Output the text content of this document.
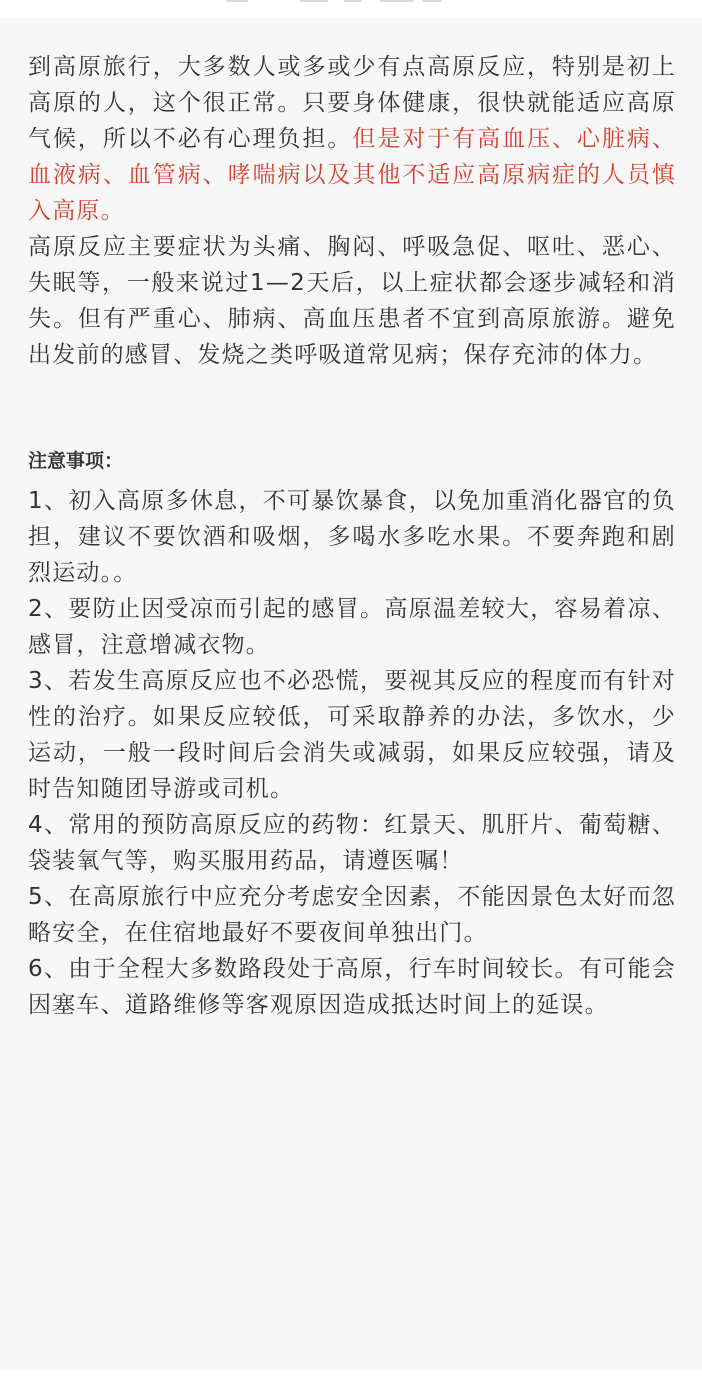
到高原旅行，大多数人或多或少有点高原反应，特别是初上高原的人，这个很正常。只要身体健康，很快就能适应高原气候，所以不必有心理负担。但是对于有高血压、心脏病、血液病、血管病、哮喘病以及其他不适应高原病症的人员慎入高原。

高原反应主要症状为头痛、胸闷、呼吸急促、呕吐、恶心、失眠等，一般来说过1—2天后，以上症状都会逐步减轻和消失。但有严重心、肺病、高血压患者不宜到高原旅游。避免出发前的感冒、发烧之类呼吸道常见病；保存充沛的体力。

注意事项：

1、初入高原多休息，不可暴饮暴食，以免加重消化器官的负担，建议不要饮酒和吸烟，多喝水多吃水果。不要奔跑和剧烈运动。。

2、要防止因受凉而引起的感冒。高原温差较大，容易着凉、感冒，注意增减衣物。

3、若发生高原反应也不必恐慌，要视其反应的程度而有针对性的治疗。如果反应较低，可采取静养的办法，多饮水，少运动，一般一段时间后会消失或减弱，如果反应较强，请及时告知随团导游或司机。

4、常用的预防高原反应的药物：红景天、肌肝片、葡萄糖、袋装氧气等，购买服用药品，请遵医嘱！

5、在高原旅行中应充分考虑安全因素，不能因景色太好而忽略安全，在住宿地最好不要夜间单独出门。

6、由于全程大多数路段处于高原，行车时间较长。有可能会因塞车、道路维修等客观原因造成抵达时间上的延误。
